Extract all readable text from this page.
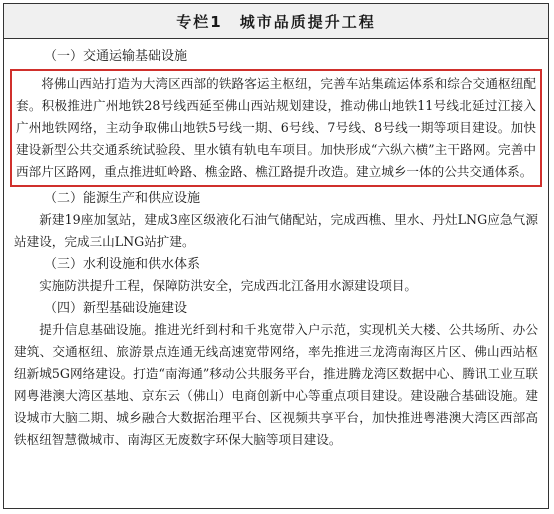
专栏1　城市品质提升工程
（一）交通运输基础设施

将佛山西站打造为大湾区西部的铁路客运主枢纽，完善车站集疏运体系和综合交通枢纽配套。积极推进广州地铁28号线西延至佛山西站规划建设，推动佛山地铁11号线北延过江接入广州地铁网络，主动争取佛山地铁5号线一期、6号线、7号线、8号线一期等项目建设。加快建设新型公共交通系统试验段、里水镇有轨电车项目。加快形成“六纵六横”主干路网。完善中西部片区路网，重点推进虹岭路、樵金路、樵江路提升改造。建立城乡一体的公共交通体系。

（二）能源生产和供应设施

新建19座加氢站，建成3座区级液化石油气储配站，完成西樵、里水、丹灶LNG应急气源站建设，完成三山LNG站扩建。

（三）水利设施和供水体系

实施防洪提升工程，保障防洪安全，完成西北江备用水源建设项目。

（四）新型基础设施建设

提升信息基础设施。推进光纤到村和千兆宽带入户示范，实现机关大楼、公共场所、办公建筑、交通枢纽、旅游景点连通无线高速宽带网络，率先推进三龙湾南海区片区、佛山西站枢纽新城5G网络建设。打造“南海通”移动公共服务平台，推进腾龙湾区数据中心、腾讯工业互联网粤港澳大湾区基地、京东云（佛山）电商创新中心等重点项目建设。建设融合基础设施。建设城市大脑二期、城乡融合大数据治理平台、区视频共享平台，加快推进粤港澳大湾区西部高铁枢纽智慧微城市、南海区无废数字环保大脑等项目建设。
